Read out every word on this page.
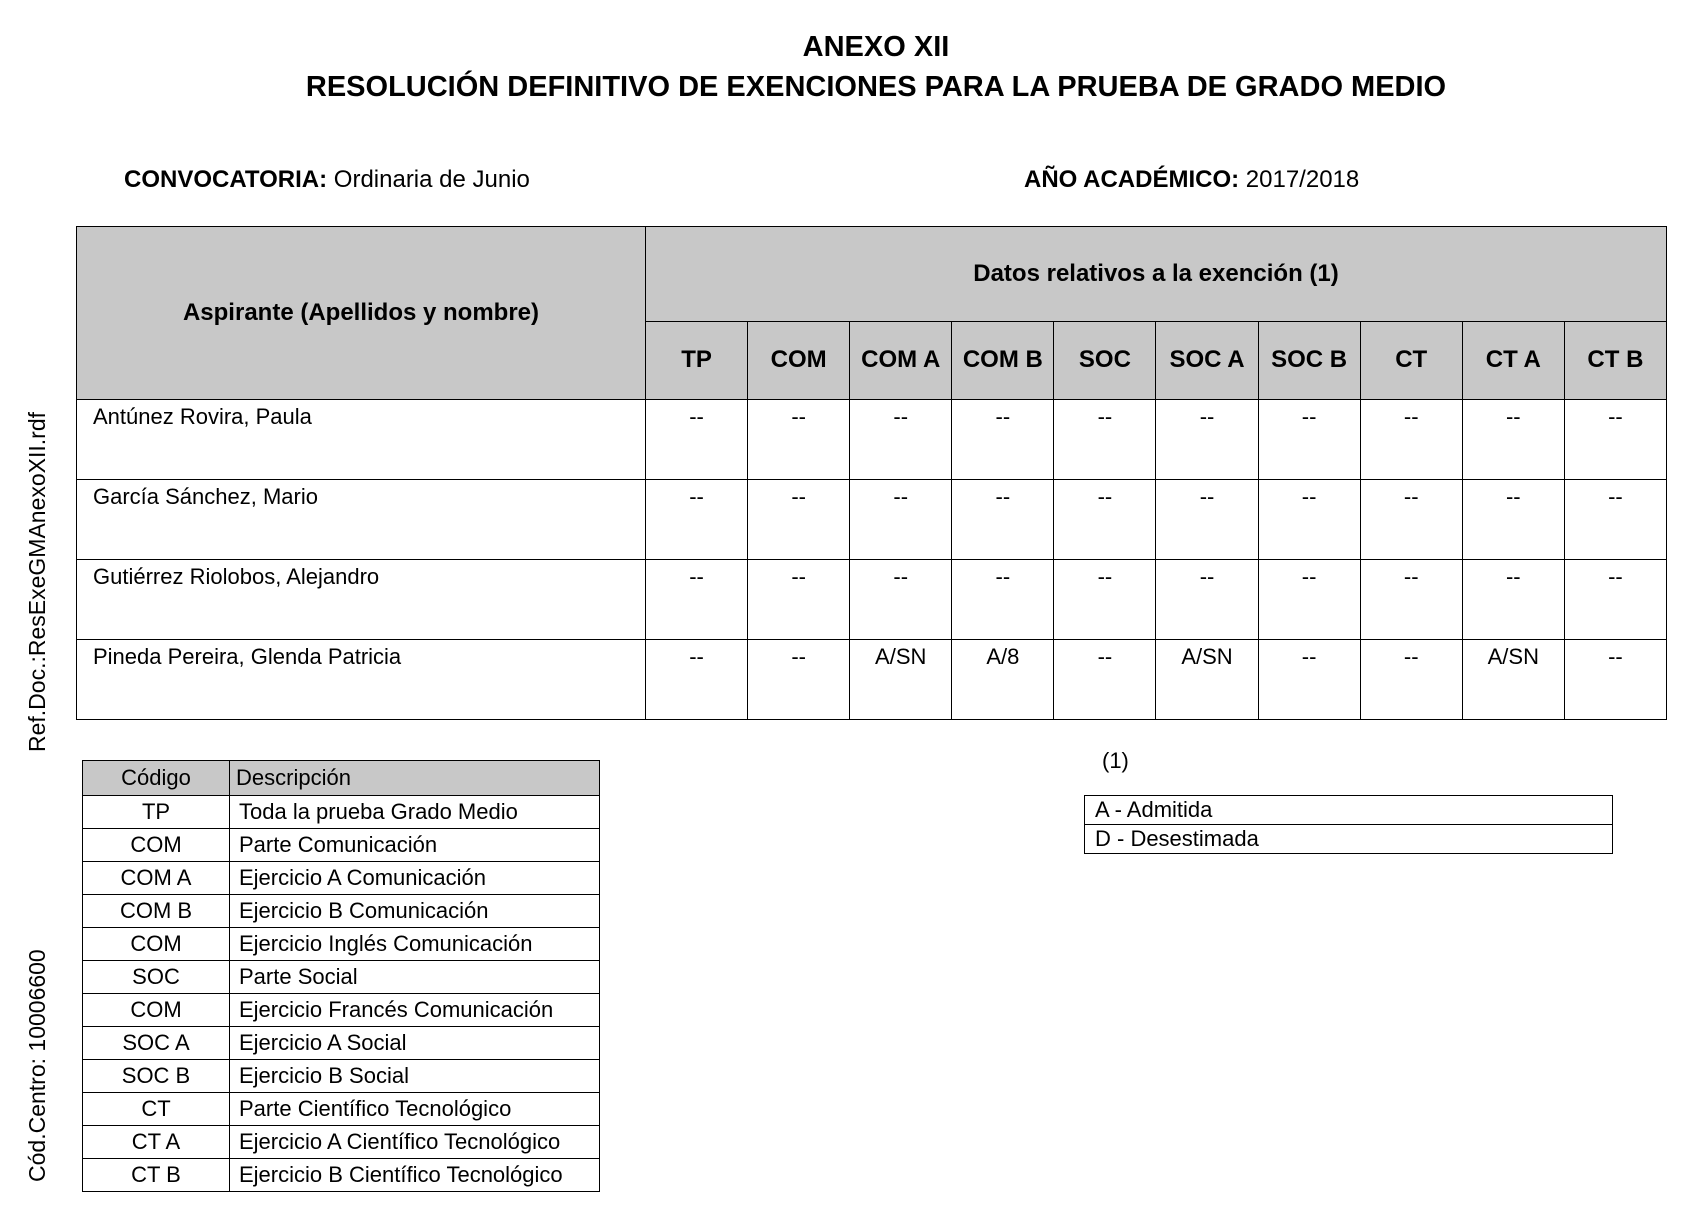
ANEXO XII
RESOLUCIÓN DEFINITIVO DE EXENCIONES PARA LA PRUEBA DE GRADO MEDIO
CONVOCATORIA: Ordinaria de Junio	AÑO ACADÉMICO: 2017/2018
Ref.Doc.:ResExeGMAnexoXII.rdf
Cód.Centro: 10006600
Aspirante (Apellidos y nombre)	Datos relativos a la exención (1)									
	TP	COM	COM A	COM B	SOC	SOC A	SOC B	CT	CT A	CT B
Antúnez Rovira, Paula	--	--	--	--	--	--	--	--	--	--
García Sánchez, Mario	--	--	--	--	--	--	--	--	--	--
Gutiérrez Riolobos, Alejandro	--	--	--	--	--	--	--	--	--	--
Pineda Pereira, Glenda Patricia	--	--	A/SN	A/8	--	A/SN	--	--	A/SN	--
Código	Descripción
TP	Toda la prueba Grado Medio
COM	Parte Comunicación
COM A	Ejercicio A Comunicación
COM B	Ejercicio B Comunicación
COM	Ejercicio Inglés Comunicación
SOC	Parte Social
COM	Ejercicio Francés Comunicación
SOC A	Ejercicio A Social
SOC B	Ejercicio B Social
CT	Parte Científico Tecnológico
CT A	Ejercicio A Científico Tecnológico
CT B	Ejercicio B Científico Tecnológico
(1)
A - Admitida
D - Desestimada
